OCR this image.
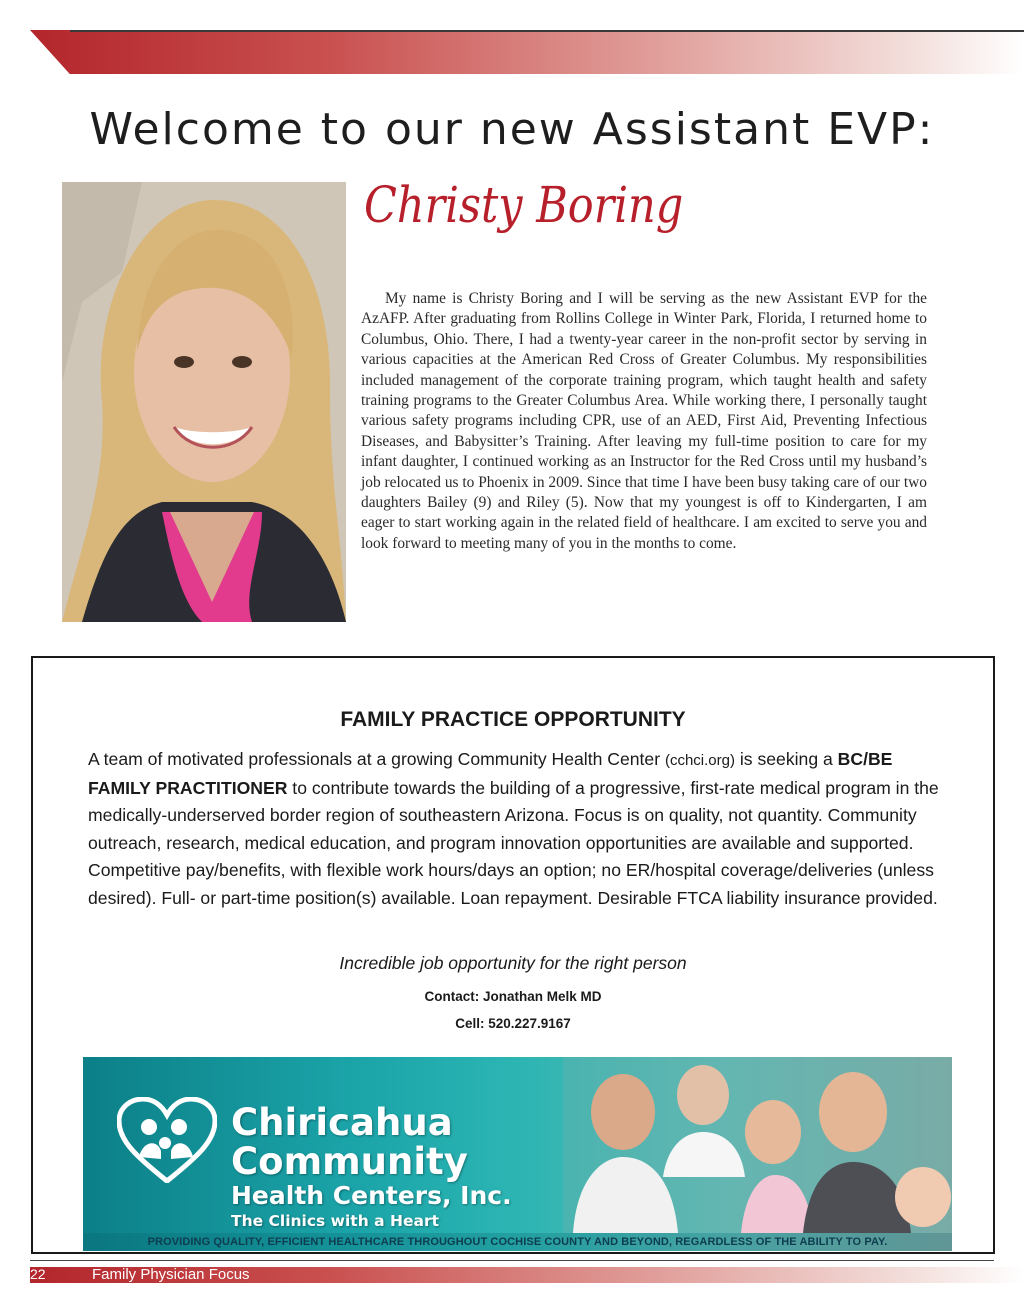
Welcome to our new Assistant EVP:
Christy Boring

My name is Christy Boring and I will be serving as the new Assistant EVP for the AzAFP. After graduating from Rollins College in Winter Park, Florida, I returned home to Columbus, Ohio. There, I had a twenty-year career in the non-profit sector by serving in various capacities at the American Red Cross of Greater Columbus. My responsibilities included management of the corporate training program, which taught health and safety training programs to the Greater Columbus Area. While working there, I personally taught various safety programs including CPR, use of an AED, First Aid, Preventing Infectious Diseases, and Babysitter’s Training. After leaving my full-time position to care for my infant daughter, I continued working as an Instructor for the Red Cross until my husband’s job relocated us to Phoenix in 2009. Since that time I have been busy taking care of our two daughters Bailey (9) and Riley (5). Now that my youngest is off to Kindergarten, I am eager to start working again in the related field of healthcare. I am excited to serve you and look forward to meeting many of you in the months to come.

FAMILY PRACTICE OPPORTUNITY

A team of motivated professionals at a growing Community Health Center (cchci.org) is seeking a BC/BE FAMILY PRACTITIONER to contribute towards the building of a progressive, first-rate medical program in the medically-underserved border region of southeastern Arizona. Focus is on quality, not quantity. Community outreach, research, medical education, and program innovation opportunities are available and supported. Competitive pay/benefits, with flexible work hours/days an option; no ER/hospital coverage/deliveries (unless desired). Full- or part-time position(s) available. Loan repayment. Desirable FTCA liability insurance provided.

Incredible job opportunity for the right person
Contact: Jonathan Melk MD
Cell: 520.227.9167
Chiricahua
Community
Health Centers, Inc.
The Clinics with a Heart
PROVIDING QUALITY, EFFICIENT HEALTHCARE THROUGHOUT COCHISE COUNTY AND BEYOND, REGARDLESS OF THE ABILITY TO PAY.
22	Family Physician Focus
